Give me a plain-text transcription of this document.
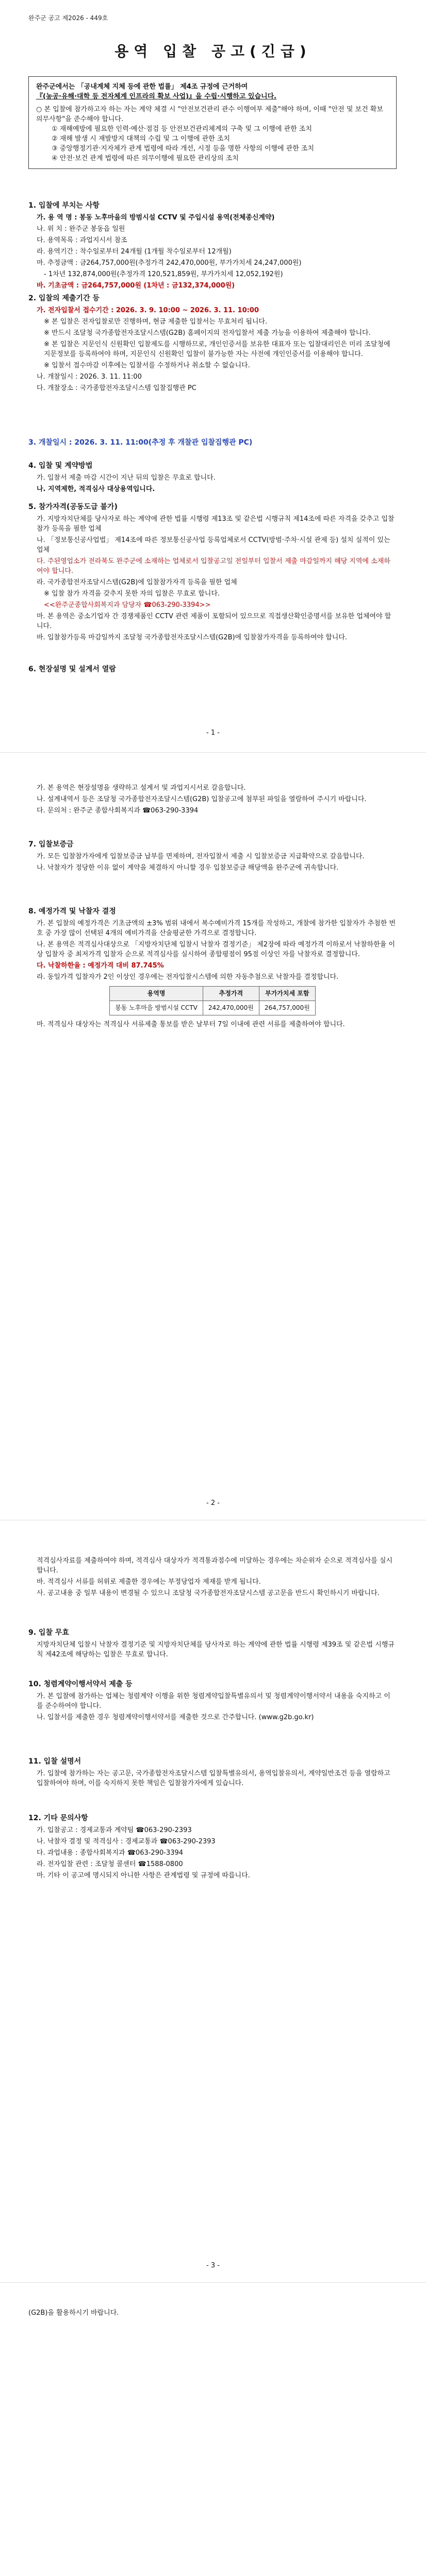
완주군 공고 제2026 - 449호
용역 입찰 공고(긴급)

완주군에서는 「공내계체 지체 등에 관한 법률」 제4조 규정에 근거하여

『(농공·유해·대학 등 전자체계 인프라의 확보 사업)』을 수립·시행하고 있습니다.

○ 본 입찰에 참가하고자 하는 자는 계약 체결 시 "안전보건관리 관수 이행여부 제출"해야 하며, 이때 "안전 및 보건 확보 의무사항"을 준수해야 합니다.

① 재해예방에 필요한 인력·예산·점검 등 안전보건관리체계의 구축 및 그 이행에 관한 조치

② 재해 발생 시 재발방지 대책의 수립 및 그 이행에 관한 조치

③ 중앙행정기관·지자체가 관계 법령에 따라 개선, 시정 등을 명한 사항의 이행에 관한 조치

④ 안전·보건 관계 법령에 따른 의무이행에 필요한 관리상의 조치

1. 입찰에 부치는 사항

가. 용 역 명 : 봉동 노후마을의 방범시설 CCTV 및 주입시설 용역(전체종신계약)

나. 위 치 : 완주군 봉동읍 일원

다. 용역목록 : 과업지시서 참조

라. 용역기간 : 착수일로부터 24개월 (1개월 착수일로부터 12개월)

마. 추정금액 : 금264,757,000원(추정가격 242,470,000원, 부가가치세 24,247,000원)

- 1차년 132,874,000원(추정가격 120,521,859원, 부가가치세 12,052,192원)

바. 기초금액 : 금264,757,000원 (1차년 : 금132,374,000원)

2. 입찰의 제출기간 등

가. 전자입찰서 접수기간 : 2026. 3. 9. 10:00 ~ 2026. 3. 11. 10:00

※ 본 입찰은 전자입찰로만 진행하며, 현금 제출한 입찰서는 무효처리 됩니다.

※ 반드시 조달청 국가종합전자조달시스템(G2B) 홈페이지의 전자입찰서 제출 가능을 이용하여 제출해야 합니다.

※ 본 입찰은 지문인식 신원확인 입찰제도를 시행하므로, 개인인증서를 보유한 대표자 또는 입찰대리인은 미리 조달청에 지문정보를 등록하여야 하며, 지문인식 신원확인 입찰이 불가능한 자는 사전에 개인인증서를 이용해야 합니다.

※ 입찰서 접수마감 이후에는 입찰서를 수정하거나 취소할 수 없습니다.

나. 개찰일시 : 2026. 3. 11. 11:00

다. 개찰장소 : 국가종합전자조달시스템 입찰집행관 PC

3. 개찰일시 : 2026. 3. 11. 11:00(추정 후 개찰관 입찰집행관 PC)
4. 입찰 및 계약방법

가. 입찰서 제출 마감 시간이 지난 뒤의 입찰은 무효로 합니다.

나. 지역제한, 적격심사 대상용역입니다.

5. 참가자격(공동도급 불가)

가. 지방자치단체를 당사자로 하는 계약에 관한 법률 시행령 제13조 및 같은법 시행규칙 제14조에 따른 자격을 갖추고 입찰 참가 등록을 필한 업체

나. 「정보통신공사업법」 제14조에 따른 정보통신공사업 등록업체로서 CCTV(방범·주차·시설 관제 등) 설치 실적이 있는 업체

다. 주된영업소가 전라북도 완주군에 소재하는 업체로서 입찰공고일 전일부터 입찰서 제출 마감일까지 해당 지역에 소재하여야 합니다.

라. 국가종합전자조달시스템(G2B)에 입찰참가자격 등록을 필한 업체

※ 입찰 참가 자격을 갖추지 못한 자의 입찰은 무효로 합니다.

<<완주군종합사회복지과 담당자 ☎063-290-3394>>

마. 본 용역은 중소기업자 간 경쟁제품인 CCTV 관련 제품이 포함되어 있으므로 직접생산확인증명서를 보유한 업체여야 합니다.

바. 입찰참가등록 마감일까지 조달청 국가종합전자조달시스템(G2B)에 입찰참가자격을 등록하여야 합니다.

6. 현장설명 및 설계서 열람
- 1 -

가. 본 용역은 현장설명을 생략하고 설계서 및 과업지시서로 갈음합니다.

나. 설계내역서 등은 조달청 국가종합전자조달시스템(G2B) 입찰공고에 첨부된 파일을 열람하여 주시기 바랍니다.

다. 문의처 : 완주군 종합사회복지과 ☎063-290-3394

7. 입찰보증금

가. 모든 입찰참가자에게 입찰보증금 납부를 면제하며, 전자입찰서 제출 시 입찰보증금 지급확약으로 갈음합니다.

나. 낙찰자가 정당한 이유 없이 계약을 체결하지 아니할 경우 입찰보증금 해당액을 완주군에 귀속합니다.

8. 예정가격 및 낙찰자 결정

가. 본 입찰의 예정가격은 기초금액의 ±3% 범위 내에서 복수예비가격 15개를 작성하고, 개찰에 참가한 입찰자가 추첨한 번호 중 가장 많이 선택된 4개의 예비가격을 산술평균한 가격으로 결정합니다.

나. 본 용역은 적격심사대상으로 「지방자치단체 입찰시 낙찰자 결정기준」 제2장에 따라 예정가격 이하로서 낙찰하한율 이상 입찰자 중 최저가격 입찰자 순으로 적격심사를 실시하여 종합평점이 95점 이상인 자를 낙찰자로 결정합니다.

다. 낙찰하한율 : 예정가격 대비 87.745%

라. 동일가격 입찰자가 2인 이상인 경우에는 전자입찰시스템에 의한 자동추첨으로 낙찰자를 결정합니다.

용역명	추정가격	부가가치세 포함
봉동 노후마을 방범시설 CCTV	242,470,000원	264,757,000원

마. 적격심사 대상자는 적격심사 서류제출 통보를 받은 날부터 7일 이내에 관련 서류를 제출하여야 합니다.

- 2 -

적격심사자료를 제출하여야 하며, 적격심사 대상자가 적격통과점수에 미달하는 경우에는 차순위자 순으로 적격심사를 실시합니다.

바. 적격심사 서류를 허위로 제출한 경우에는 부정당업자 제재를 받게 됩니다.

사. 공고내용 중 일부 내용이 변경될 수 있으니 조달청 국가종합전자조달시스템 공고문을 반드시 확인하시기 바랍니다.

9. 입찰 무효

지방자치단체 입찰시 낙찰자 결정기준 및 지방자치단체를 당사자로 하는 계약에 관한 법률 시행령 제39조 및 같은법 시행규칙 제42조에 해당하는 입찰은 무효로 합니다.

10. 청렴계약이행서약서 제출 등

가. 본 입찰에 참가하는 업체는 청렴계약 이행을 위한 청렴계약입찰특별유의서 및 청렴계약이행서약서 내용을 숙지하고 이를 준수하여야 합니다.

나. 입찰서를 제출한 경우 청렴계약이행서약서를 제출한 것으로 간주합니다. (www.g2b.go.kr)

11. 입찰 설명서

가. 입찰에 참가하는 자는 공고문, 국가종합전자조달시스템 입찰특별유의서, 용역입찰유의서, 계약일반조건 등을 열람하고 입찰하여야 하며, 이를 숙지하지 못한 책임은 입찰참가자에게 있습니다.

12. 기타 문의사항

가. 입찰공고 : 경제교통과 계약팀 ☎063-290-2393

나. 낙찰자 결정 및 적격심사 : 경제교통과 ☎063-290-2393

다. 과업내용 : 종합사회복지과 ☎063-290-3394

라. 전자입찰 관련 : 조달청 콜센터 ☎1588-0800

마. 기타 이 공고에 명시되지 아니한 사항은 관계법령 및 규정에 따릅니다.

- 3 -

(G2B)을 활용하시기 바랍니다.
